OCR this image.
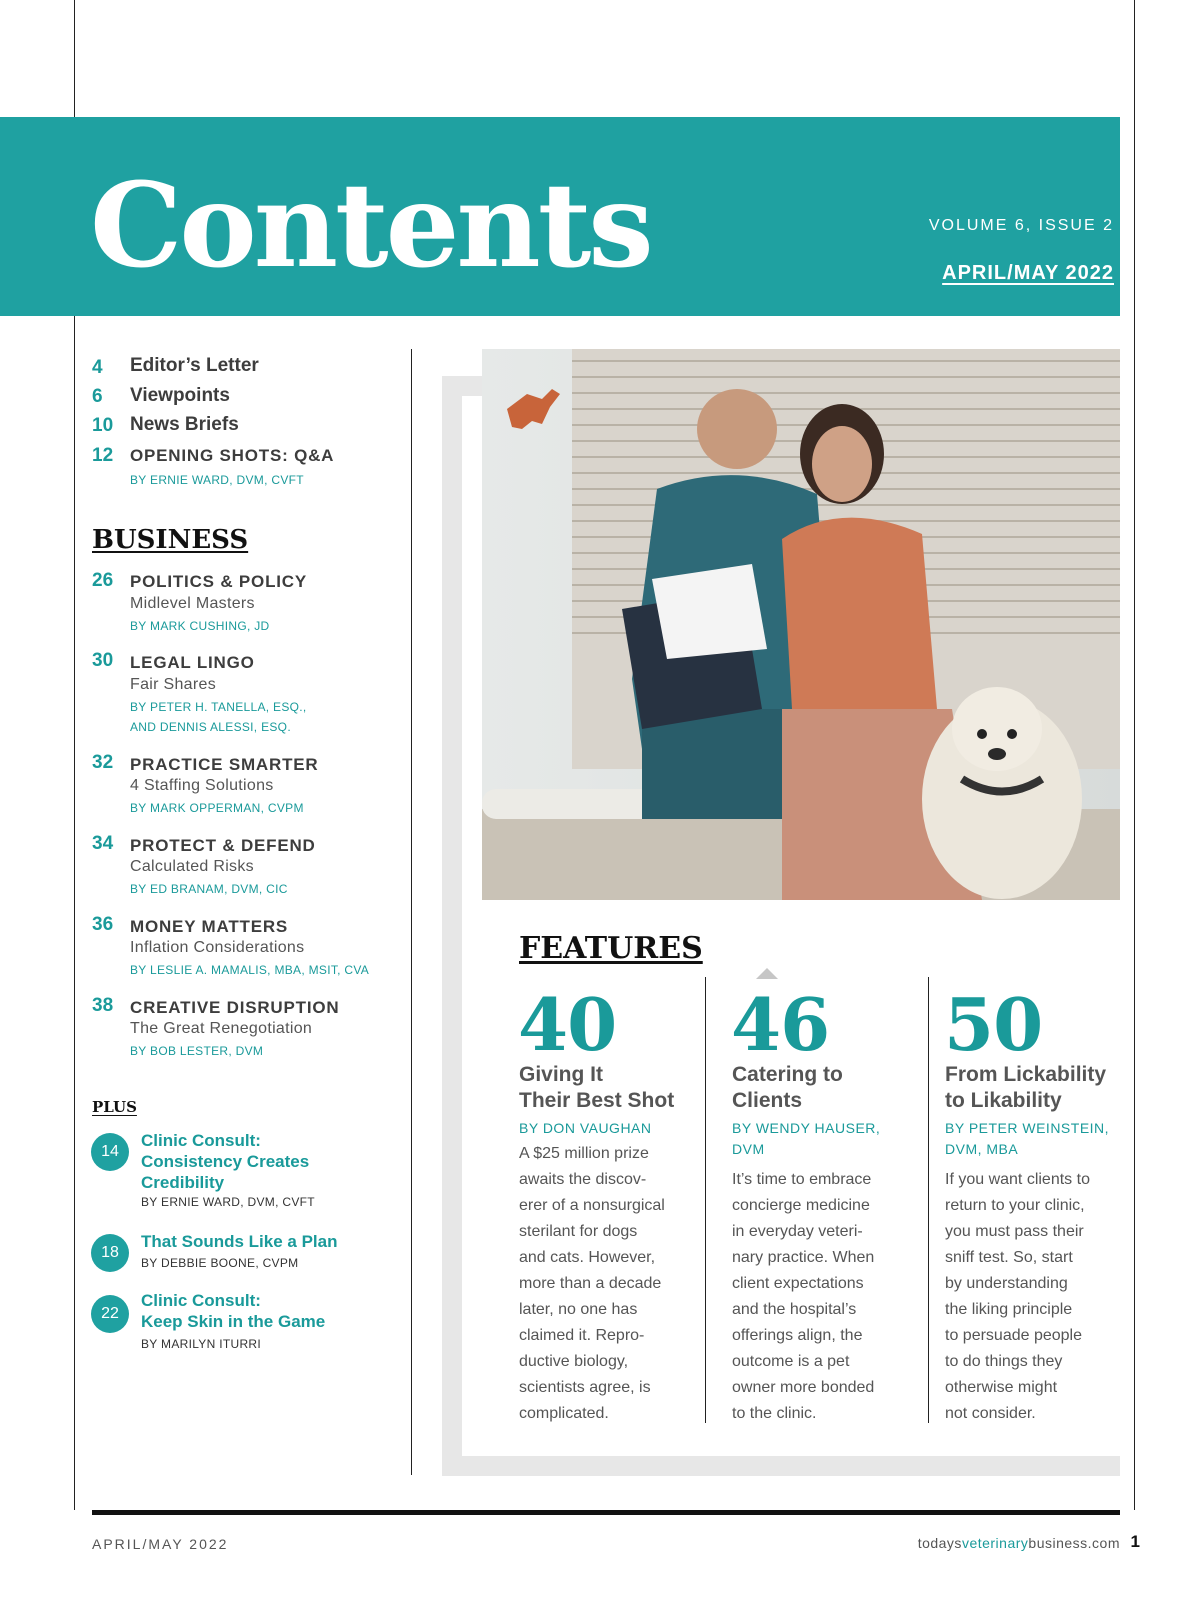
Contents	VOLUME 6, ISSUE 2
APRIL/MAY 2022
4	Editor’s Letter
6	Viewpoints
10 News Briefs
12 OPENING SHOTS: Q&A
BY ERNIE WARD, DVM, CVFT
BUSINESS
26 POLITICS & POLICY
Midlevel Masters
BY MARK CUSHING, JD
30 LEGAL LINGO
Fair Shares
BY PETER H. TANELLA, ESQ.,
AND DENNIS ALESSI, ESQ.
32 PRACTICE SMARTER
4 Staffing Solutions
BY MARK OPPERMAN, CVPM
34 PROTECT & DEFEND
Calculated Risks
BY ED BRANAM, DVM, CIC
36 MONEY MATTERS
Inflation Considerations
BY LESLIE A. MAMALIS, MBA, MSIT, CVA
38 CREATIVE DISRUPTION
The Great Renegotiation
BY BOB LESTER, DVM
PLUS
14
Clinic Consult:
Consistency Creates
Credibility
BY ERNIE WARD, DVM, CVFT
18
That Sounds Like a Plan
BY DEBBIE BOONE, CVPM
22
Clinic Consult:
Keep Skin in the Game
BY MARILYN ITURRI
FEATURES
40
Giving It
Their Best Shot
BY DON VAUGHAN
A $25 million prize
awaits the discov-
erer of a nonsurgical
sterilant for dogs
and cats. However,
more than a decade
later, no one has
claimed it. Repro-
ductive biology,
scientists agree, is
complicated.
46
Catering to
Clients
BY WENDY HAUSER,
DVM
It’s time to embrace
concierge medicine
in everyday veteri-
nary practice. When
client expectations
and the hospital’s
offerings align, the
outcome is a pet
owner more bonded
to the clinic.
50
From Lickability
to Likability
BY PETER WEINSTEIN,
DVM, MBA
If you want clients to
return to your clinic,
you must pass their
sniff test. So, start
by understanding
the liking principle
to persuade people
to do things they
otherwise might
not consider.
APRIL/MAY 2022	todaysveterinarybusiness.com 1
